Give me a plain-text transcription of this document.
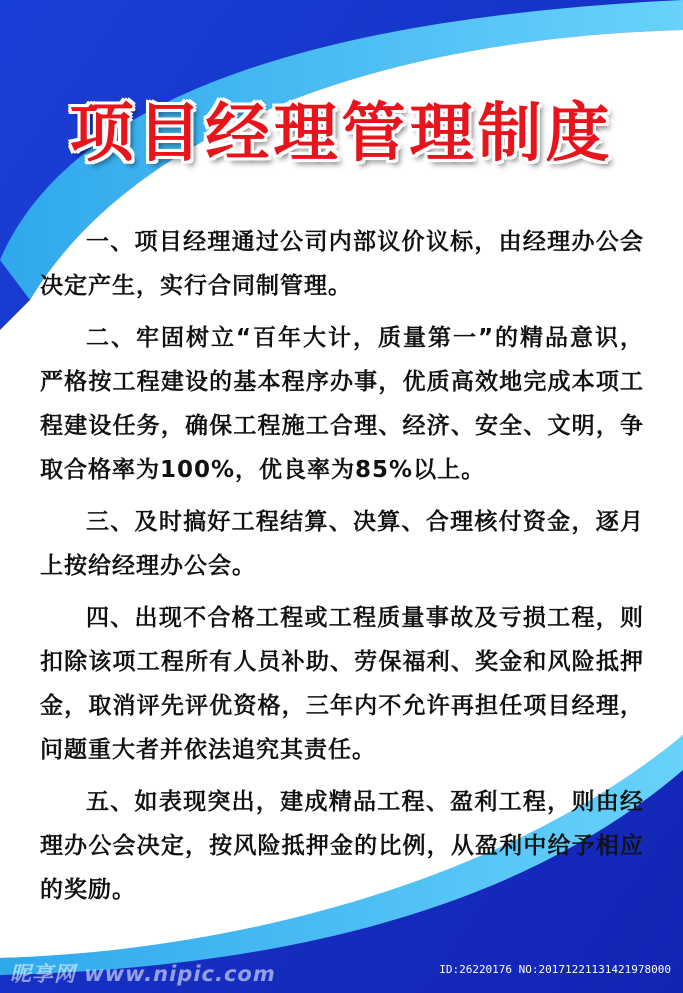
项目经理管理制度

一、项目经理通过公司内部议价议标，由经理办公会决定产生，实行合同制管理。

二、牢固树立“百年大计，质量第一”的精品意识，严格按工程建设的基本程序办事，优质高效地完成本项工程建设任务，确保工程施工合理、经济、安全、文明，争取合格率为100%，优良率为85%以上。

三、及时搞好工程结算、决算、合理核付资金，逐月上按给经理办公会。

四、出现不合格工程或工程质量事故及亏损工程，则扣除该项工程所有人员补助、劳保福利、奖金和风险抵押金，取消评先评优资格，三年内不允许再担任项目经理，问题重大者并依法追究其责任。

五、如表现突出，建成精品工程、盈利工程，则由经理办公会决定，按风险抵押金的比例，从盈利中给予相应的奖励。

昵享网 www.nipic.com	ID:26220176 NO:20171221131421978000
